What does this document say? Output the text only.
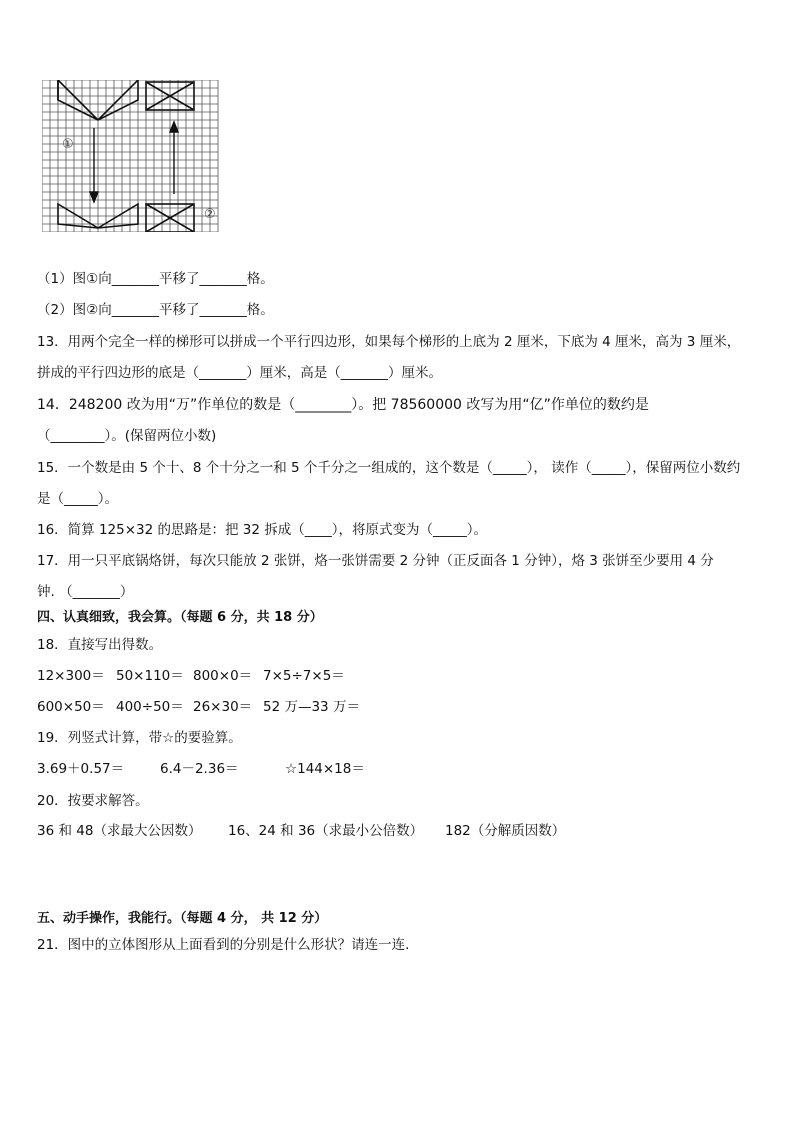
①
②
（1）图①向_______平移了_______格。
（2）图②向_______平移了_______格。
13．用两个完全一样的梯形可以拼成一个平行四边形，如果每个梯形的上底为 2 厘米，下底为 4 厘米，高为 3 厘米，
拼成的平行四边形的底是（_______）厘米，高是（_______）厘米。
14．248200 改为用“万”作单位的数是（________）。把 78560000 改写为用“亿”作单位的数约是
（________）。(保留两位小数)
15．一个数是由 5 个十、8 个十分之一和 5 个千分之一组成的，这个数是（_____）， 读作（_____），保留两位小数约
是（_____）。
16．简算 125×32 的思路是：把 32 拆成（____），将原式变为（_____）。
17．用一只平底锅烙饼，每次只能放 2 张饼，烙一张饼需要 2 分钟（正反面各 1 分钟），烙 3 张饼至少要用 4 分
钟. （_______）
四、认真细致，我会算。（每题 6 分，共 18 分）
18．直接写出得数。
12×300＝ 50×110＝ 800×0＝ 7×5÷7×5＝
600×50＝ 400÷50＝ 26×30＝ 52 万—33 万＝
19．列竖式计算，带☆的要验算。
3.69＋0.57＝	6.4－2.36＝	☆144×18＝
20．按要求解答。
36 和 48（求最大公因数） 16、24 和 36（求最小公倍数） 182（分解质因数）
五、动手操作，我能行。（每题 4 分， 共 12 分）
21．图中的立体图形从上面看到的分别是什么形状？请连一连.
